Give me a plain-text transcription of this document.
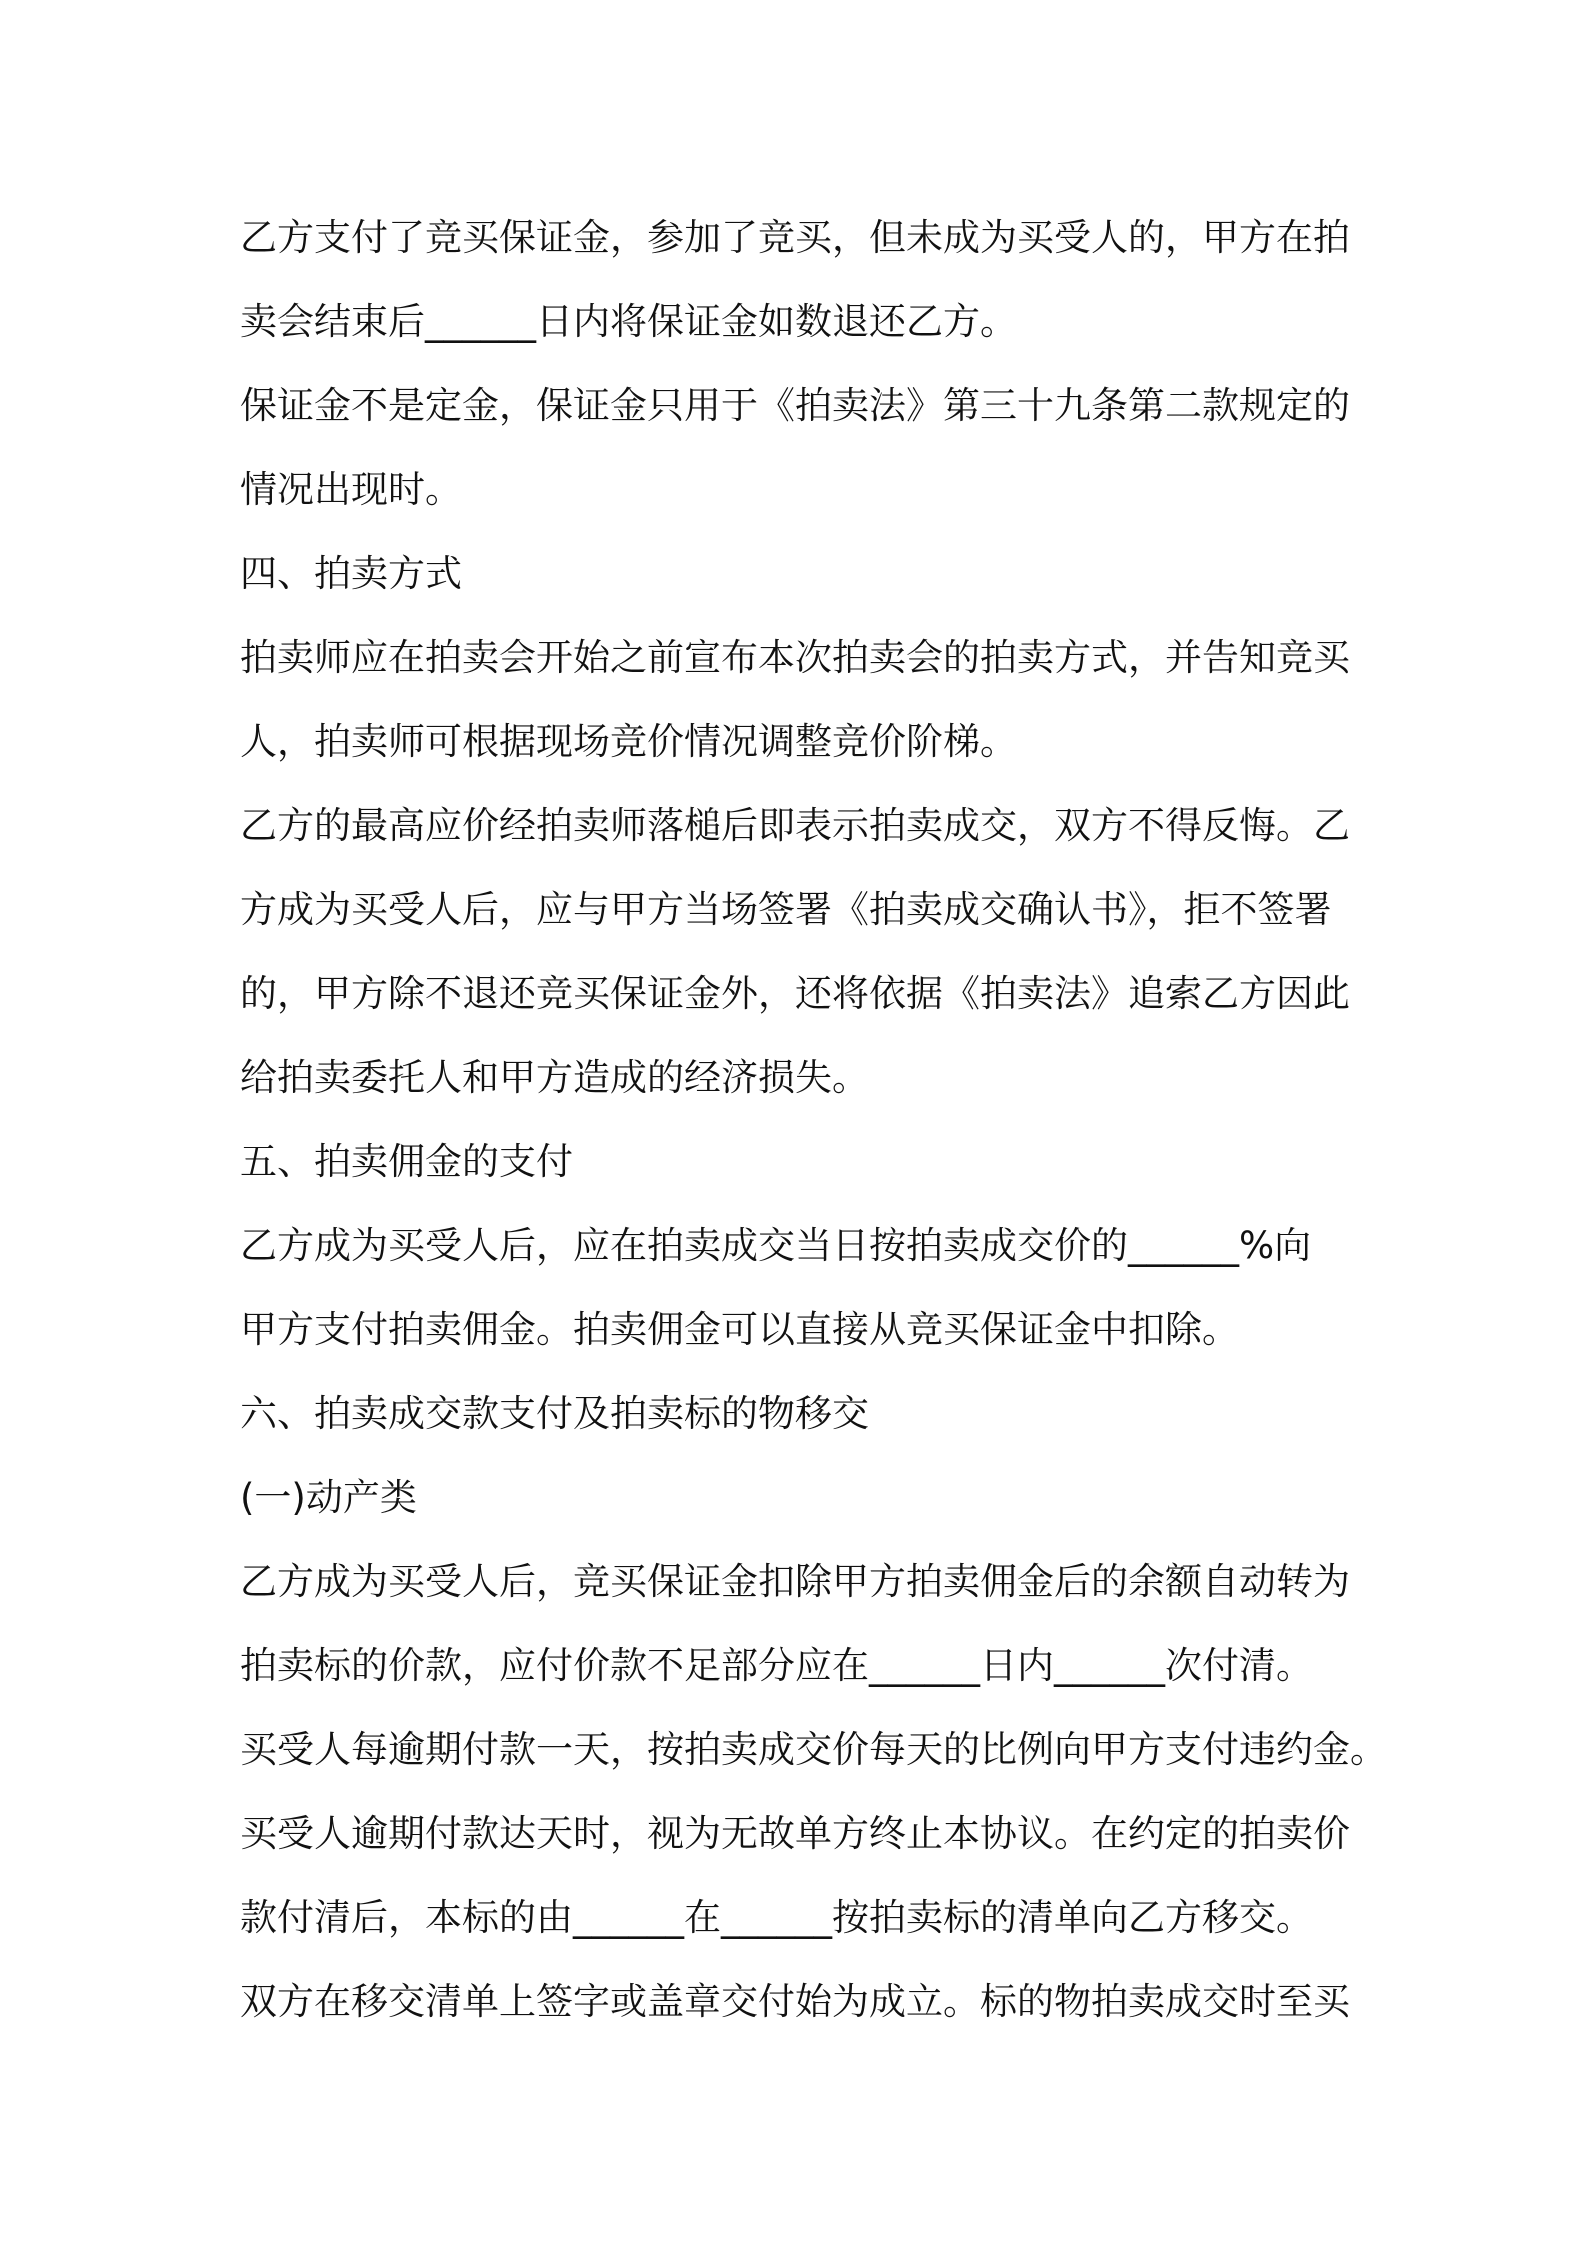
乙方支付了竞买保证金，参加了竞买，但未成为买受人的，甲方在拍
卖会结束后______日内将保证金如数退还乙方。
保证金不是定金，保证金只用于《拍卖法》第三十九条第二款规定的
情况出现时。
四、拍卖方式
拍卖师应在拍卖会开始之前宣布本次拍卖会的拍卖方式，并告知竞买
人，拍卖师可根据现场竞价情况调整竞价阶梯。
乙方的最高应价经拍卖师落槌后即表示拍卖成交，双方不得反悔。乙
方成为买受人后，应与甲方当场签署《拍卖成交确认书》，拒不签署
的，甲方除不退还竞买保证金外，还将依据《拍卖法》追索乙方因此
给拍卖委托人和甲方造成的经济损失。
五、拍卖佣金的支付
乙方成为买受人后，应在拍卖成交当日按拍卖成交价的______%向
甲方支付拍卖佣金。拍卖佣金可以直接从竞买保证金中扣除。
六、拍卖成交款支付及拍卖标的物移交
(一)动产类
乙方成为买受人后，竞买保证金扣除甲方拍卖佣金后的余额自动转为
拍卖标的价款，应付价款不足部分应在______日内______次付清。
买受人每逾期付款一天，按拍卖成交价每天的比例向甲方支付违约金。
买受人逾期付款达天时，视为无故单方终止本协议。在约定的拍卖价
款付清后，本标的由______在______按拍卖标的清单向乙方移交。
双方在移交清单上签字或盖章交付始为成立。标的物拍卖成交时至买
